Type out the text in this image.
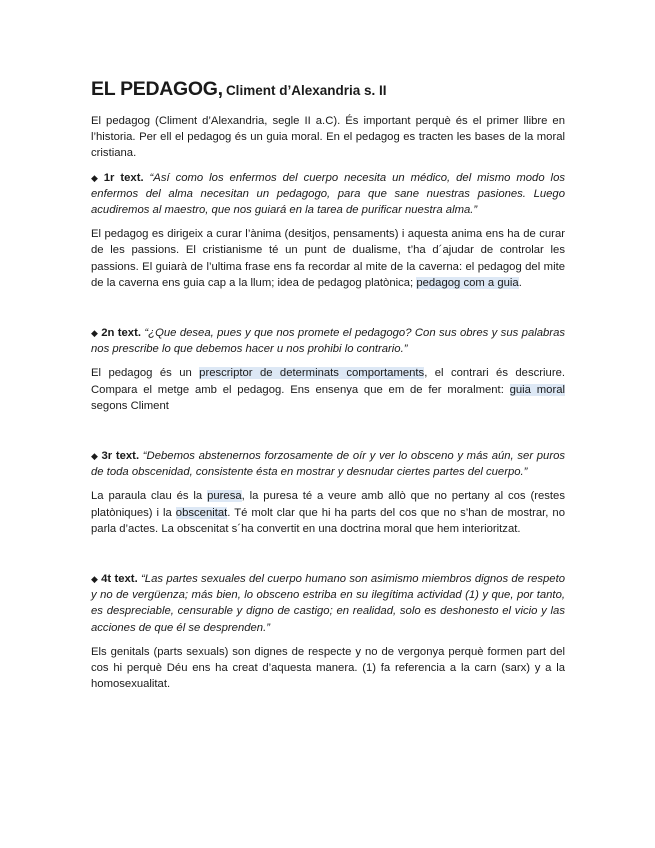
EL PEDAGOG, Climent d’Alexandria s. II

El pedagog (Climent d’Alexandria, segle II a.C). És important perquè és el primer llibre en l’historia. Per ell el pedagog és un guia moral. En el pedagog es tracten les bases de la moral cristiana.

◆ 1r text. “Así como los enfermos del cuerpo necesita un médico, del mismo modo los enfermos del alma necesitan un pedagogo, para que sane nuestras pasiones. Luego acudiremos al maestro, que nos guiará en la tarea de purificar nuestra alma.”

El pedagog es dirigeix a curar l’ànima (desitjos, pensaments) i aquesta anima ens ha de curar de les passions. El cristianisme té un punt de dualisme, t’ha d´ajudar de controlar les passions. El guiarà de l’ultima frase ens fa recordar al mite de la caverna: el pedagog del mite de la caverna ens guia cap a la llum; idea de pedagog platònica; pedagog com a guia.

◆ 2n text. “¿Que desea, pues y que nos promete el pedagogo? Con sus obres y sus palabras nos prescribe lo que debemos hacer u nos prohibi lo contrario.”

El pedagog és un prescriptor de determinats comportaments, el contrari és descriure. Compara el metge amb el pedagog. Ens ensenya que em de fer moralment: guia moral segons Climent

◆ 3r text. “Debemos abstenernos forzosamente de oír y ver lo obsceno y más aún, ser puros de toda obscenidad, consistente ésta en mostrar y desnudar ciertes partes del cuerpo.”

La paraula clau és la puresa, la puresa té a veure amb allò que no pertany al cos (restes platòniques) i la obscenitat. Té molt clar que hi ha parts del cos que no s’han de mostrar, no parla d’actes. La obscenitat s´ha convertit en una doctrina moral que hem interioritzat.

◆ 4t text. “Las partes sexuales del cuerpo humano son asimismo miembros dignos de respeto y no de vergüenza; más bien, lo obsceno estriba en su ilegítima actividad (1) y que, por tanto, es despreciable, censurable y digno de castigo; en realidad, solo es deshonesto el vicio y las acciones de que él se desprenden.”

Els genitals (parts sexuals) son dignes de respecte y no de vergonya perquè formen part del cos hi perquè Déu ens ha creat d’aquesta manera. (1) fa referencia a la carn (sarx) y a la homosexualitat.
